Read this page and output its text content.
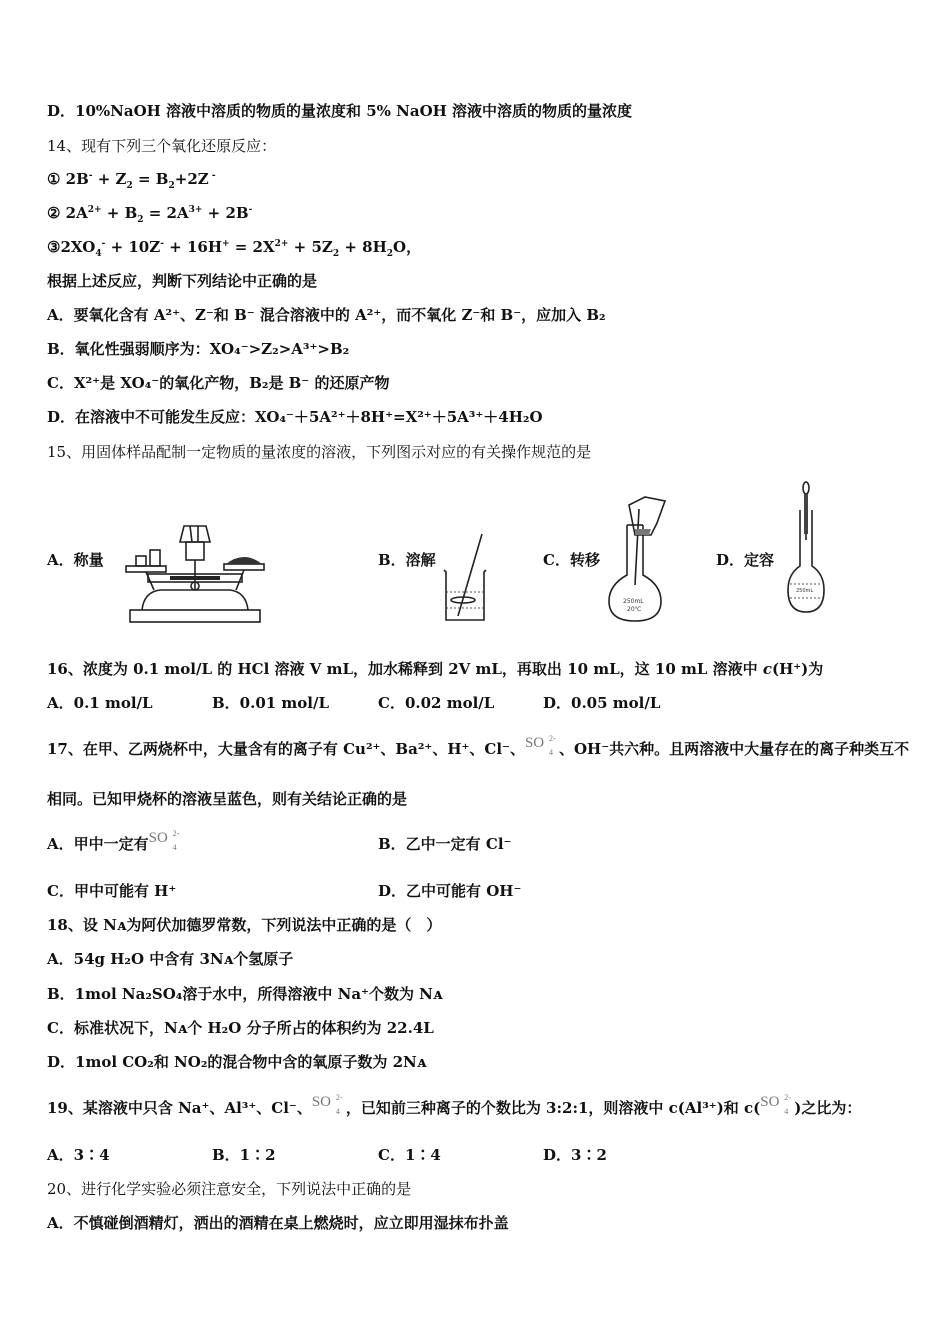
D．10%NaOH 溶液中溶质的物质的量浓度和 5% NaOH 溶液中溶质的物质的量浓度
14、现有下列三个氧化还原反应：
① $2B^- + Z_2 = B_2+2Z$ -
② $2A^{2+} + B_2 = 2A^{3+} + 2B^-$
$③2XO_4^- + 10Z^- + 16H^+ = 2X^{2+} + 5Z_2 + 8H_2O$，
根据上述反应，判断下列结论中正确的是
A．要氧化含有 A²⁺、Z⁻和 B⁻ 混合溶液中的 A²⁺，而不氧化 Z⁻和 B⁻，应加入 B₂
B．氧化性强弱顺序为：XO₄⁻>Z₂>A³⁺>B₂
C．X²⁺是 XO₄⁻的氧化产物，B₂是 B⁻ 的还原产物
D．在溶液中不可能发生反应：XO₄⁻＋5A²⁺＋8H⁺=X²⁺＋5A³⁺＋4H₂O
15、用固体样品配制一定物质的量浓度的溶液，下列图示对应的有关操作规范的是
A．称量	B．溶解	C．转移	D．定容
250mL
20℃
250mL
16、浓度为 0.1 mol/L 的 HCl 溶液 V mL，加水稀释到 2V mL，再取出 10 mL，这 10 mL 溶液中 c(H⁺)为
A．0.1 mol/L	B．0.01 mol/L	C．0.02 mol/L	D．0.05 mol/L
17、在甲、乙两烧杯中，大量含有的离子有 Cu²⁺、Ba²⁺、H⁺、Cl⁻、 SO 2-
4 、OH⁻共六种。且两溶液中大量存在的离子种类互不
相同。已知甲烧杯的溶液呈蓝色，则有关结论正确的是
A．甲中一定有 SO 2-
4	B．乙中一定有 Cl⁻
C．甲中可能有 H⁺	D．乙中可能有 OH⁻
18、设 Nᴀ为阿伏加德罗常数，下列说法中正确的是（　）
A．54g H₂O 中含有 3Nᴀ个氢原子
B．1mol Na₂SO₄溶于水中，所得溶液中 Na⁺个数为 Nᴀ
C．标准状况下，Nᴀ个 H₂O 分子所占的体积约为 22.4L
D．1mol CO₂和 NO₂的混合物中含的氧原子数为 2Nᴀ
19、某溶液中只含 Na⁺、Al³⁺、Cl⁻、 SO 2-
4 ，已知前三种离子的个数比为 3:2:1，则溶液中 c(Al³⁺)和 c( SO 2-
4 )之比为：
A．3∶4	B．1∶2	C．1∶4	D．3∶2
20、进行化学实验必须注意安全，下列说法中正确的是
A．不慎碰倒酒精灯，洒出的酒精在桌上燃烧时，应立即用湿抹布扑盖
